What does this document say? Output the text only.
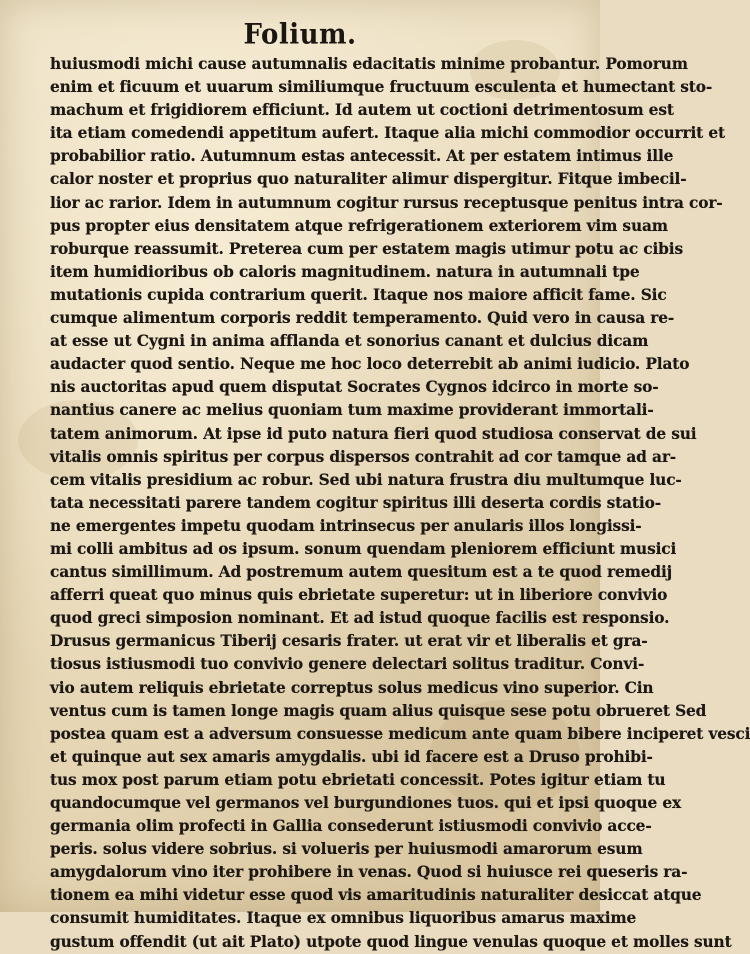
Folium.
huiusmodi michi cause autumnalis edacitatis minime probantur. Pomorum
enim et ficuum et uuarum similiumque fructuum esculenta et humectant sto-
machum et frigidiorem efficiunt. Id autem ut coctioni detrimentosum est
ita etiam comedendi appetitum aufert. Itaque alia michi commodior occurrit et
probabilior ratio. Autumnum estas antecessit. At per estatem intimus ille
calor noster et proprius quo naturaliter alimur dispergitur. Fitque imbecil-
lior ac rarior. Idem in autumnum cogitur rursus receptusque penitus intra cor-
pus propter eius densitatem atque refrigerationem exteriorem vim suam
roburque reassumit. Preterea cum per estatem magis utimur potu ac cibis
item humidioribus ob caloris magnitudinem. natura in autumnali tpe
mutationis cupida contrarium querit. Itaque nos maiore afficit fame. Sic
cumque alimentum corporis reddit temperamento. Quid vero in causa re-
at esse ut Cygni in anima afflanda et sonorius canant et dulcius dicam
audacter quod sentio. Neque me hoc loco deterrebit ab animi iudicio. Plato
nis auctoritas apud quem disputat Socrates Cygnos idcirco in morte so-
nantius canere ac melius quoniam tum maxime providerant immortali-
tatem animorum. At ipse id puto natura fieri quod studiosa conservat de sui
vitalis omnis spiritus per corpus dispersos contrahit ad cor tamque ad ar-
cem vitalis presidium ac robur. Sed ubi natura frustra diu multumque luc-
tata necessitati parere tandem cogitur spiritus illi deserta cordis statio-
ne emergentes impetu quodam intrinsecus per anularis illos longissi-
mi colli ambitus ad os ipsum. sonum quendam pleniorem efficiunt musici
cantus simillimum. Ad postremum autem quesitum est a te quod remedij
afferri queat quo minus quis ebrietate superetur: ut in liberiore convivio
quod greci simposion nominant. Et ad istud quoque facilis est responsio.
Drusus germanicus Tiberij cesaris frater. ut erat vir et liberalis et gra-
tiosus istiusmodi tuo convivio genere delectari solitus traditur. Convi-
vio autem reliquis ebrietate correptus solus medicus vino superior. Cin
ventus cum is tamen longe magis quam alius quisque sese potu obrueret Sed
postea quam est a adversum consuesse medicum ante quam bibere inciperet vesci
et quinque aut sex amaris amygdalis. ubi id facere est a Druso prohibi-
tus mox post parum etiam potu ebrietati concessit. Potes igitur etiam tu
quandocumque vel germanos vel burgundiones tuos. qui et ipsi quoque ex
germania olim profecti in Gallia consederunt istiusmodi convivio acce-
peris. solus videre sobrius. si volueris per huiusmodi amarorum esum
amygdalorum vino iter prohibere in venas. Quod si huiusce rei queseris ra-
tionem ea mihi videtur esse quod vis amaritudinis naturaliter desiccat atque
consumit humiditates. Itaque ex omnibus liquoribus amarus maxime
gustum offendit (ut ait Plato) utpote quod lingue venulas quoque et molles sunt
